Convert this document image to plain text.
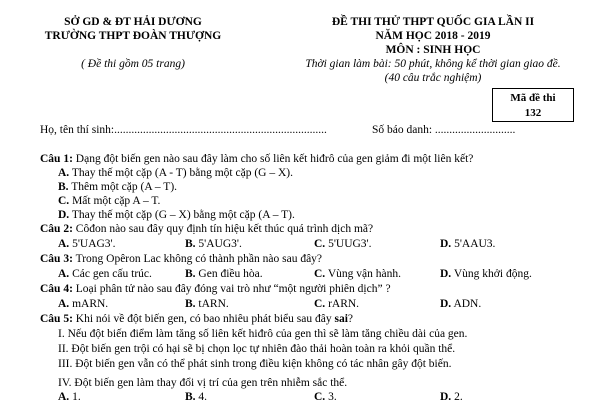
SỞ GD & ĐT HẢI DƯƠNG
TRƯỜNG THPT ĐOÀN THƯỢNG
( Đề thi gồm 05 trang)
ĐỀ THI THỬ THPT QUỐC GIA LẦN II
NĂM HỌC 2018 - 2019
MÔN : SINH HỌC
Thời gian làm bài: 50 phút, không kể thời gian giao đề.
(40 câu trắc nghiệm)
Mã đề thi
132
Họ, tên thí sinh:..........................................................................	Số báo danh: ............................
Câu 1: Dạng đột biến gen nào sau đây làm cho số liên kết hiđrô của gen giảm đi một liên kết?
A. Thay thế một cặp (A - T) bằng một cặp (G – X).
B. Thêm một cặp (A – T).
C. Mất một cặp A – T.
D. Thay thế một cặp (G – X) bằng một cặp (A – T).
Câu 2: Côđon nào sau đây quy định tín hiệu kết thúc quá trình dịch mã?
A. 5'UAG3'.	B. 5'AUG3'.	C. 5'UUG3'.	D. 5'AAU3.
Câu 3: Trong Opêron Lac không có thành phần nào sau đây?
A. Các gen cấu trúc.	B. Gen điều hòa.	C. Vùng vận hành.	D. Vùng khởi động.
Câu 4: Loại phân tử nào sau đây đóng vai trò như “một người phiên dịch” ?
A. mARN.	B. tARN.	C. rARN.	D. ADN.
Câu 5: Khi nói về đột biến gen, có bao nhiêu phát biểu sau đây sai?
I. Nếu đột biến điểm làm tăng số liên kết hiđrô của gen thì sẽ làm tăng chiều dài của gen.
II. Đột biến gen trội có hại sẽ bị chọn lọc tự nhiên đào thải hoàn toàn ra khỏi quần thể.
III. Đột biến gen vẫn có thể phát sinh trong điều kiện không có tác nhân gây đột biến.
IV. Đột biến gen làm thay đổi vị trí của gen trên nhiễm sắc thể.
A. 1.	B. 4.	C. 3.	D. 2.
